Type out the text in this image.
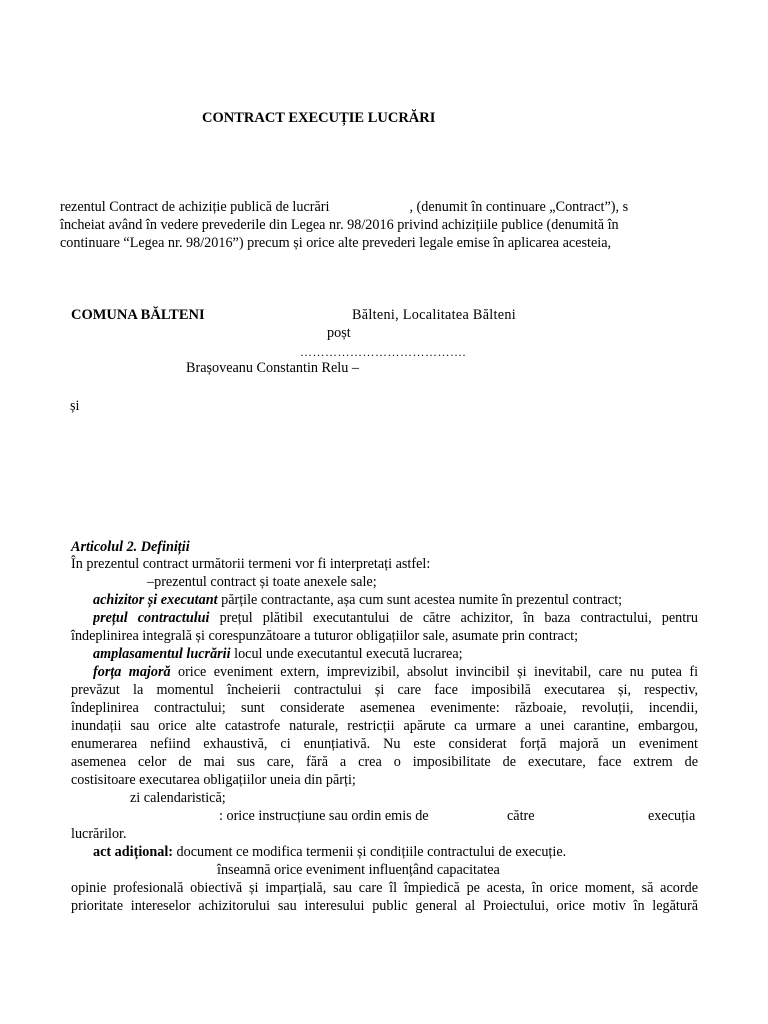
CONTRACT EXECUȚIE LUCRĂRI
rezentul Contract de achiziție publică de lucrări	, (denumit în continuare „Contract”), s
încheiat având în vedere prevederile din Legea nr. 98/2016 privind achizițiile publice (denumită în
continuare “Legea nr. 98/2016”) precum și orice alte prevederi legale emise în aplicarea acesteia,
COMUNA BĂLTENI	Bălteni, Localitatea Bălteni
poșt
………………………………….
Brașoveanu Constantin Relu –
și
Articolul 2. Definiții
În prezentul contract următorii termeni vor fi interpretați astfel:
–prezentul contract și toate anexele sale;
achizitor și executant părțile contractante, așa cum sunt acestea numite în prezentul contract;
prețul contractului prețul plătibil executantului de către achizitor, în baza contractului, pentru
îndeplinirea integrală și corespunzătoare a tuturor obligațiilor sale, asumate prin contract;
amplasamentul lucrării locul unde executantul execută lucrarea;
forța majoră orice eveniment extern, imprevizibil, absolut invincibil și inevitabil, care nu putea fi
prevăzut la momentul încheierii contractului și care face imposibilă executarea și, respectiv,
îndeplinirea contractului; sunt considerate asemenea evenimente: războaie, revoluții, incendii,
inundații sau orice alte catastrofe naturale, restricții apărute ca urmare a unei carantine, embargou,
enumerarea nefiind exhaustivă, ci enunțiativă. Nu este considerat forță majoră un eveniment
asemenea celor de mai sus care, fără a crea o imposibilitate de executare, face extrem de
costisitoare executarea obligațiilor uneia din părți;
zi calendaristică;
: orice instrucțiune sau ordin emis de	către	execuția
lucrărilor.
act adițional: document ce modifica termenii și condițiile contractului de execuție.
înseamnă orice eveniment influențând capacitatea
opinie profesională obiectivă și imparțială, sau care îl împiedică pe acesta, în orice moment, să acorde
prioritate intereselor achizitorului sau interesului public general al Proiectului, orice motiv în legătură
